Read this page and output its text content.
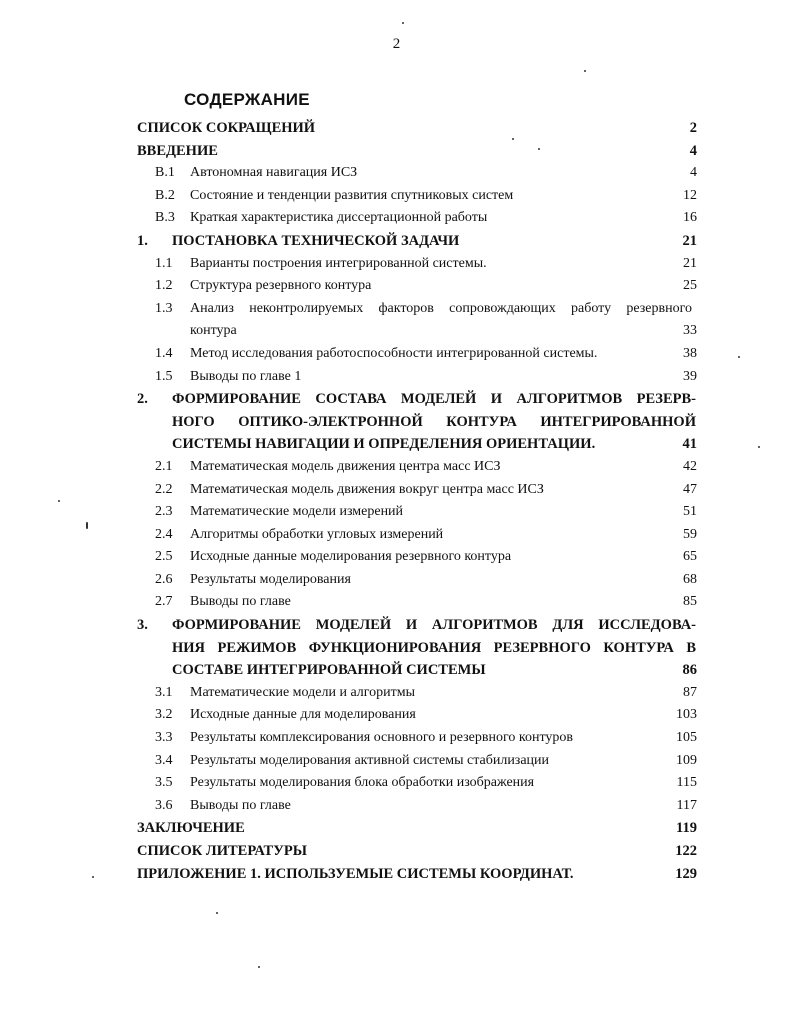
2
СОДЕРЖАНИЕ
СПИСОК СОКРАЩЕНИЙ	2
ВВЕДЕНИЕ	4
В.1 Автономная навигация ИСЗ	4
В.2 Состояние и тенденции развития спутниковых систем	12
В.3 Краткая характеристика диссертационной работы	16
1. ПОСТАНОВКА ТЕХНИЧЕСКОЙ ЗАДАЧИ	21
1.1 Варианты построения интегрированной системы.	21
1.2 Структура резервного контура	25
1.3 Анализ неконтролируемых факторов сопровождающих работу резервного
контура	33
1.4 Метод исследования работоспособности интегрированной системы.	38
1.5 Выводы по главе 1	39
2. ФОРМИРОВАНИЕ СОСТАВА МОДЕЛЕЙ И АЛГОРИТМОВ РЕЗЕРВ-
НОГО ОПТИКО-ЭЛЕКТРОННОЙ КОНТУРА ИНТЕГРИРОВАННОЙ
СИСТЕМЫ НАВИГАЦИИ И ОПРЕДЕЛЕНИЯ ОРИЕНТАЦИИ.	41
2.1 Математическая модель движения центра масс ИСЗ	42
2.2 Математическая модель движения вокруг центра масс ИСЗ	47
2.3 Математические модели измерений	51
2.4 Алгоритмы обработки угловых измерений	59
2.5 Исходные данные моделирования резервного контура	65
2.6 Результаты моделирования	68
2.7 Выводы по главе	85
3. ФОРМИРОВАНИЕ МОДЕЛЕЙ И АЛГОРИТМОВ ДЛЯ ИССЛЕДОВА-
НИЯ РЕЖИМОВ ФУНКЦИОНИРОВАНИЯ РЕЗЕРВНОГО КОНТУРА В
СОСТАВЕ ИНТЕГРИРОВАННОЙ СИСТЕМЫ	86
3.1 Математические модели и алгоритмы	87
3.2 Исходные данные для моделирования	103
3.3 Результаты комплексирования основного и резервного контуров	105
3.4 Результаты моделирования активной системы стабилизации	109
3.5 Результаты моделирования блока обработки изображения	115
3.6 Выводы по главе	117
ЗАКЛЮЧЕНИЕ	119
СПИСОК ЛИТЕРАТУРЫ	122
ПРИЛОЖЕНИЕ 1. ИСПОЛЬЗУЕМЫЕ СИСТЕМЫ КООРДИНАТ.	129
